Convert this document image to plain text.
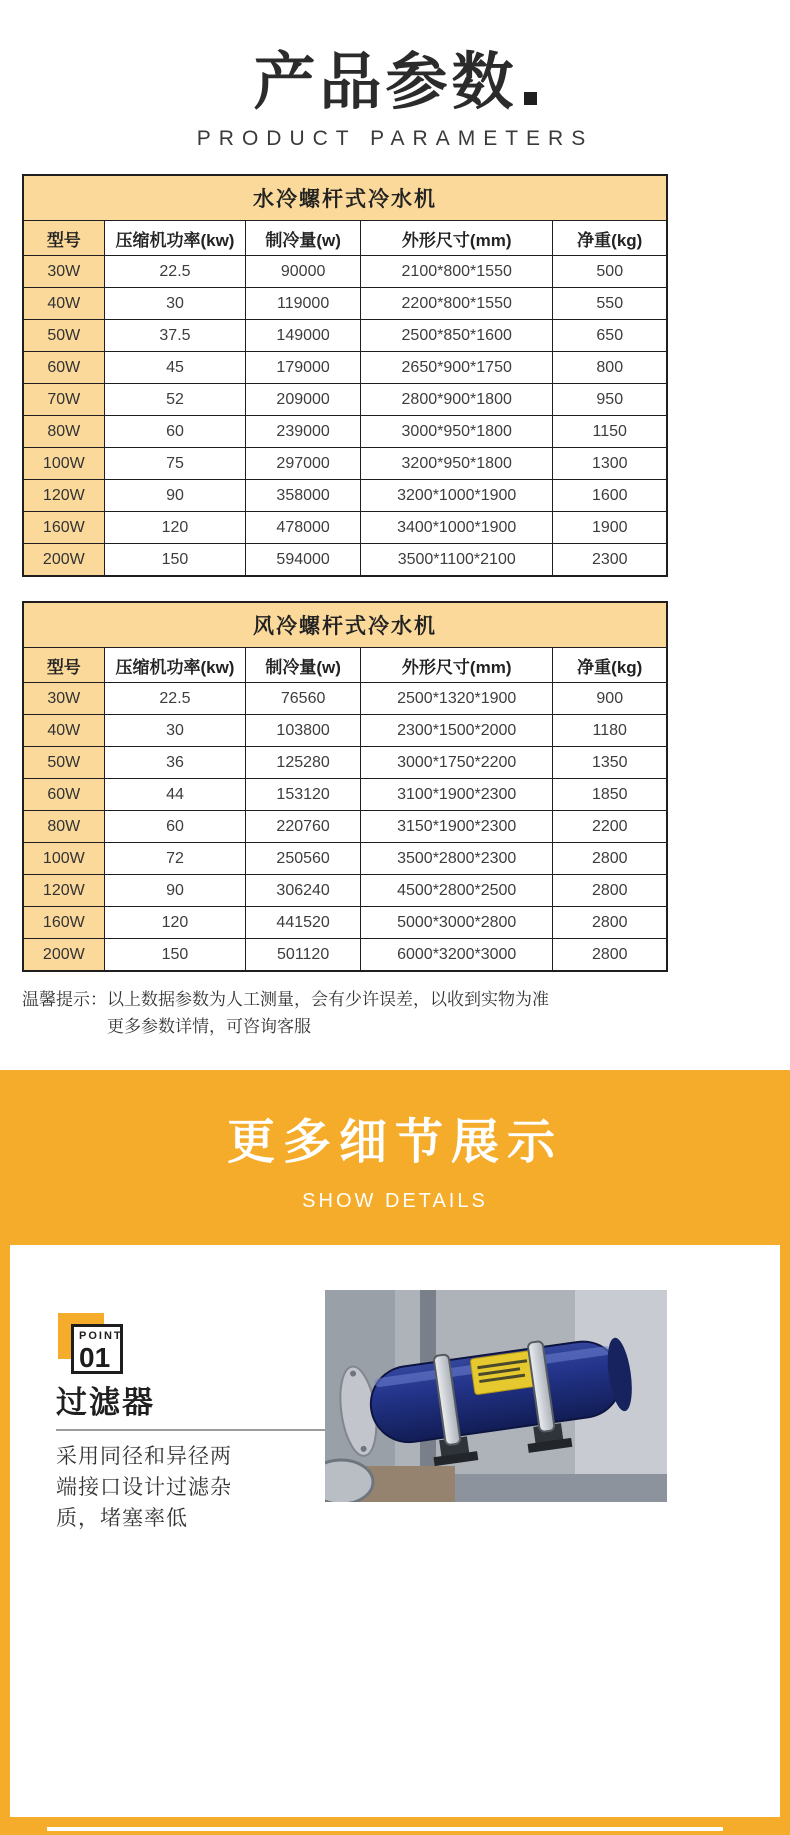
产品参数
PRODUCT PARAMETERS
水冷螺杆式冷水机				
型号	压缩机功率(kw)	制冷量(w)	外形尺寸(mm)	净重(kg)
30W	22.5	90000	2100*800*1550	500
40W	30	119000	2200*800*1550	550
50W	37.5	149000	2500*850*1600	650
60W	45	179000	2650*900*1750	800
70W	52	209000	2800*900*1800	950
80W	60	239000	3000*950*1800	1150
100W	75	297000	3200*950*1800	1300
120W	90	358000	3200*1000*1900	1600
160W	120	478000	3400*1000*1900	1900
200W	150	594000	3500*1100*2100	2300
风冷螺杆式冷水机				
型号	压缩机功率(kw)	制冷量(w)	外形尺寸(mm)	净重(kg)
30W	22.5	76560	2500*1320*1900	900
40W	30	103800	2300*1500*2000	1180
50W	36	125280	3000*1750*2200	1350
60W	44	153120	3100*1900*2300	1850
80W	60	220760	3150*1900*2300	2200
100W	72	250560	3500*2800*2300	2800
120W	90	306240	4500*2800*2500	2800
160W	120	441520	5000*3000*2800	2800
200W	150	501120	6000*3200*3000	2800
温馨提示： 以上数据参数为人工测量，会有少许误差，以收到实物为准
更多参数详情，可咨询客服
更多细节展示
SHOW DETAILS
POINT
01
过滤器
采用同径和异径两
端接口设计过滤杂
质，堵塞率低
